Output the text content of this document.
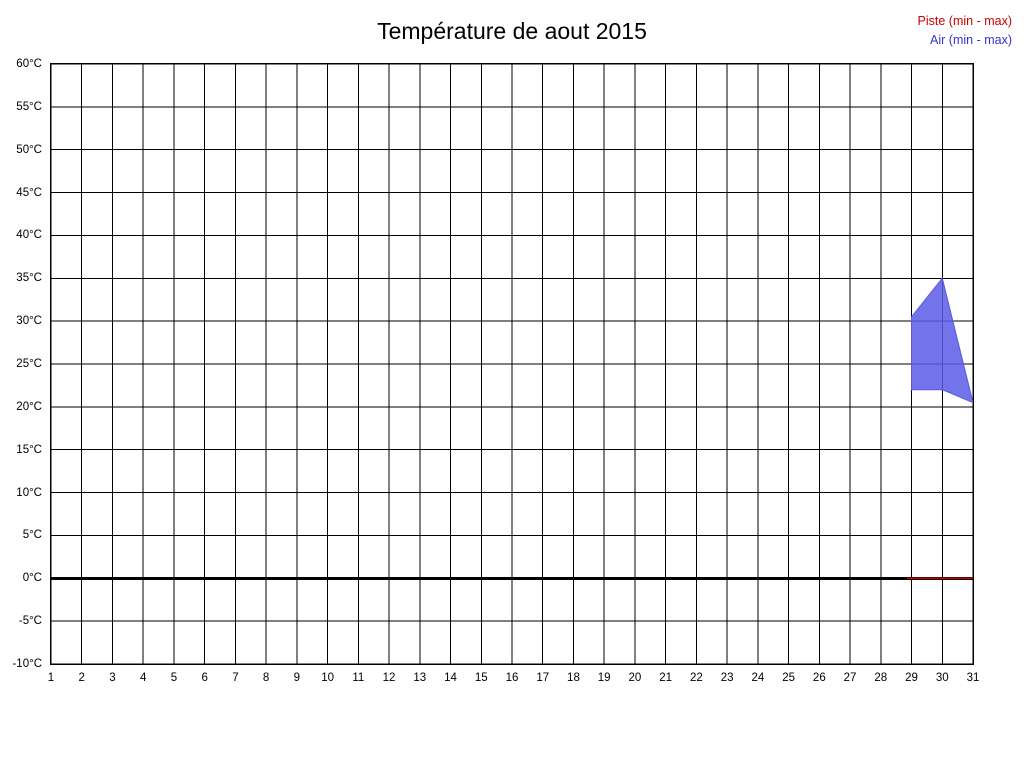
Température de aout 2015	Piste (min - max)
Air (min - max)
-10°C
-5°C
0°C
5°C
10°C
15°C
20°C
25°C
30°C
35°C
40°C
45°C
50°C
55°C
60°C
1 2 3 4 5 6 7 8 9 10 11 12 13 14 15 16 17 18 19 20 21 22 23 24 25 26 27 28 29 30 31
